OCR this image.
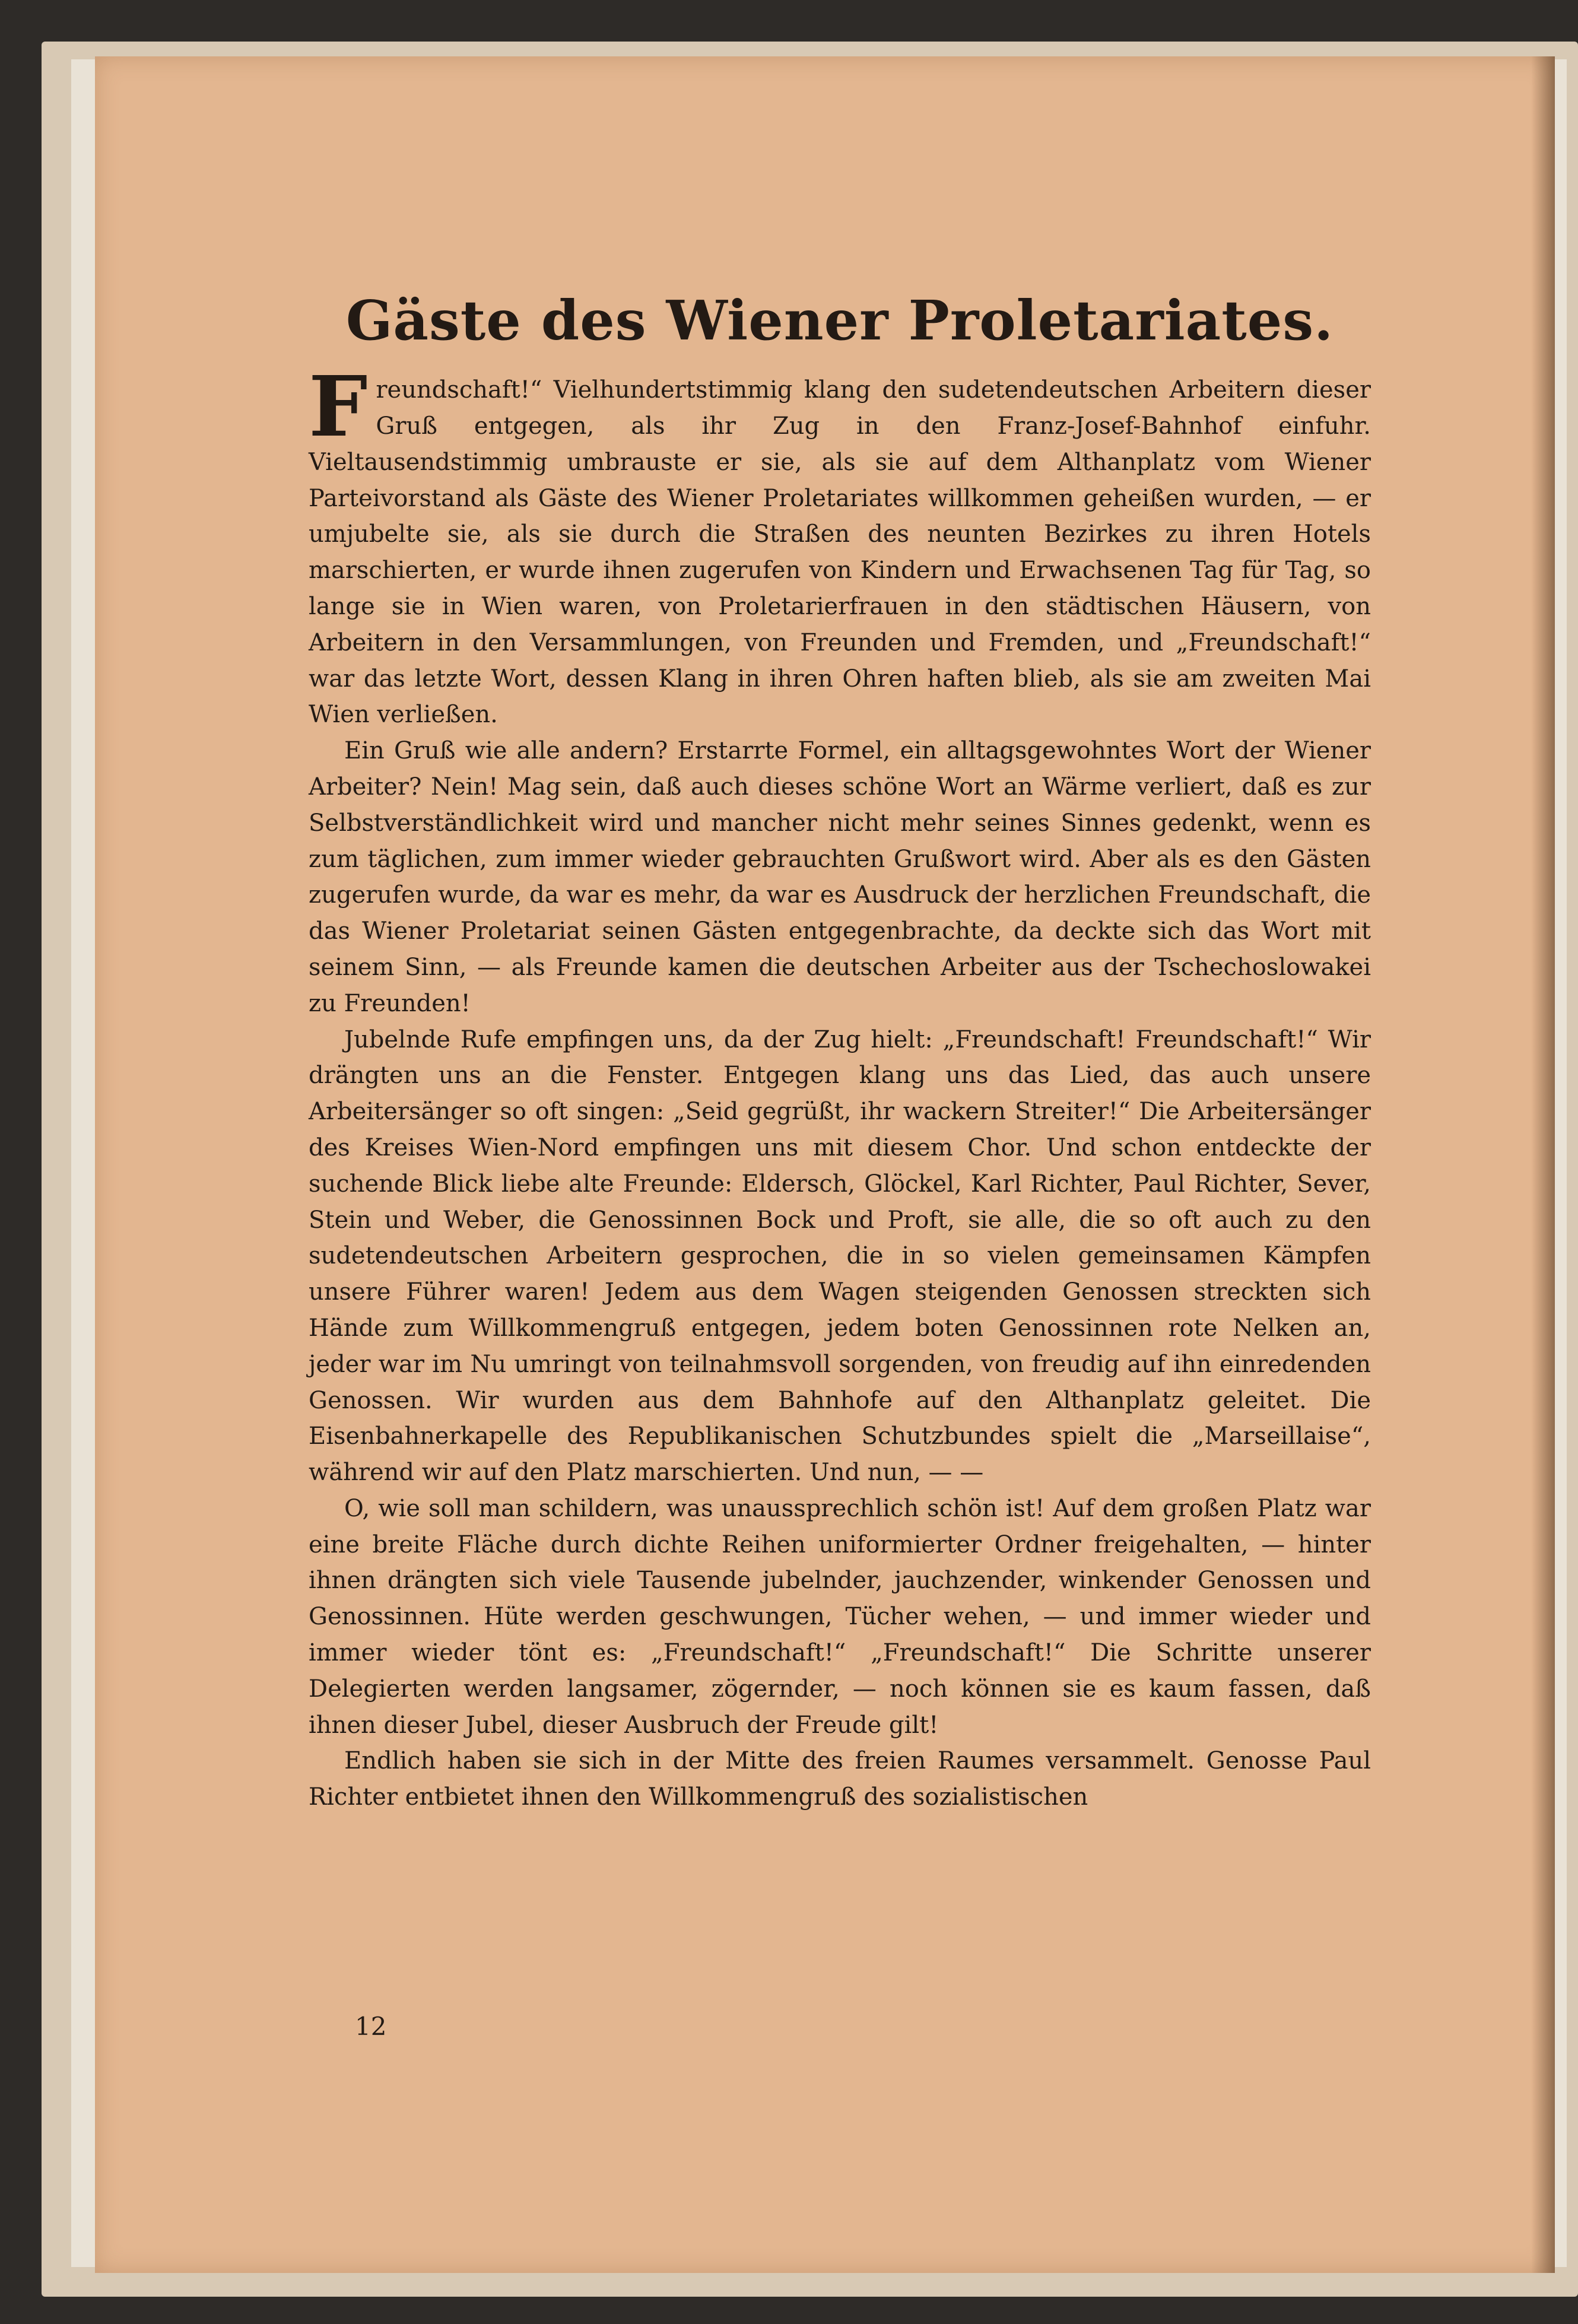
Gäste des Wiener Proletariates.

Freundschaft!“ Vielhundertstimmig klang den sudetendeutschen Arbeitern dieser Gruß entgegen, als ihr Zug in den Franz-Josef-Bahnhof einfuhr. Vieltausendstimmig umbrauste er sie, als sie auf dem Althanplatz vom Wiener Parteivorstand als Gäste des Wiener Proletariates willkommen geheißen wurden, — er umjubelte sie, als sie durch die Straßen des neunten Bezirkes zu ihren Hotels marschierten, er wurde ihnen zugerufen von Kindern und Erwachsenen Tag für Tag, so lange sie in Wien waren, von Proletarierfrauen in den städtischen Häusern, von Arbeitern in den Versammlungen, von Freunden und Fremden, und „Freundschaft!“ war das letzte Wort, dessen Klang in ihren Ohren haften blieb, als sie am zweiten Mai Wien verließen.

Ein Gruß wie alle andern? Erstarrte Formel, ein alltagsgewohntes Wort der Wiener Arbeiter? Nein! Mag sein, daß auch dieses schöne Wort an Wärme verliert, daß es zur Selbstverständlichkeit wird und mancher nicht mehr seines Sinnes gedenkt, wenn es zum täglichen, zum immer wieder gebrauchten Grußwort wird. Aber als es den Gästen zugerufen wurde, da war es mehr, da war es Ausdruck der herzlichen Freundschaft, die das Wiener Proletariat seinen Gästen entgegenbrachte, da deckte sich das Wort mit seinem Sinn, — als Freunde kamen die deutschen Arbeiter aus der Tschechoslowakei zu Freunden!

Jubelnde Rufe empfingen uns, da der Zug hielt: „Freundschaft! Freundschaft!“ Wir drängten uns an die Fenster. Entgegen klang uns das Lied, das auch unsere Arbeitersänger so oft singen: „Seid gegrüßt, ihr wackern Streiter!“ Die Arbeitersänger des Kreises Wien-Nord empfingen uns mit diesem Chor. Und schon entdeckte der suchende Blick liebe alte Freunde: Eldersch, Glöckel, Karl Richter, Paul Richter, Sever, Stein und Weber, die Genossinnen Bock und Proft, sie alle, die so oft auch zu den sudetendeutschen Arbeitern gesprochen, die in so vielen gemeinsamen Kämpfen unsere Führer waren! Jedem aus dem Wagen steigenden Genossen streckten sich Hände zum Willkommengruß entgegen, jedem boten Genossinnen rote Nelken an, jeder war im Nu umringt von teilnahmsvoll sorgenden, von freudig auf ihn einredenden Genossen. Wir wurden aus dem Bahnhofe auf den Althanplatz geleitet. Die Eisenbahnerkapelle des Republikanischen Schutzbundes spielt die „Marseillaise“, während wir auf den Platz marschierten. Und nun, — —

O, wie soll man schildern, was unaussprechlich schön ist! Auf dem großen Platz war eine breite Fläche durch dichte Reihen uniformierter Ordner freigehalten, — hinter ihnen drängten sich viele Tausende jubelnder, jauchzender, winkender Genossen und Genossinnen. Hüte werden geschwungen, Tücher wehen, — und immer wieder und immer wieder tönt es: „Freundschaft!“ „Freundschaft!“ Die Schritte unserer Delegierten werden langsamer, zögernder, — noch können sie es kaum fassen, daß ihnen dieser Jubel, dieser Ausbruch der Freude gilt!

Endlich haben sie sich in der Mitte des freien Raumes versammelt. Genosse Paul Richter entbietet ihnen den Willkommengruß des sozialistischen

12
